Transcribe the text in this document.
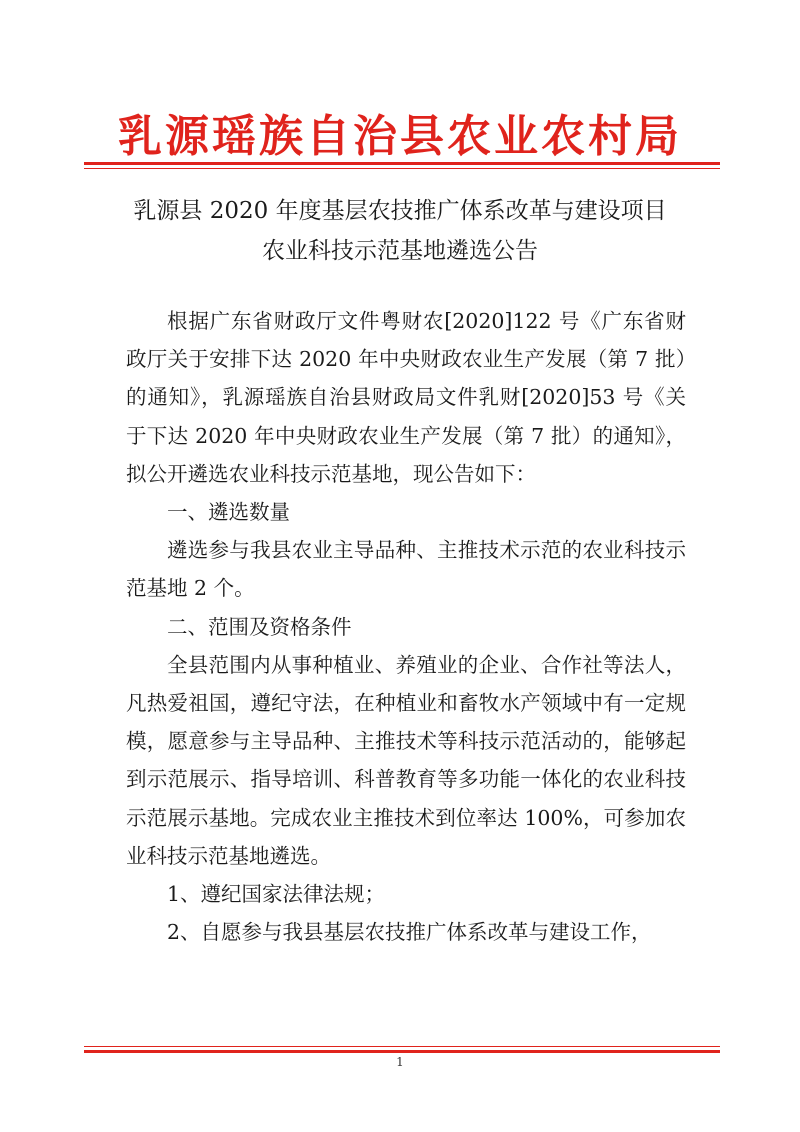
乳源瑶族自治县农业农村局
乳源县 2020 年度基层农技推广体系改革与建设项目
农业科技示范基地遴选公告

根据广东省财政厅文件粤财农[2020]122 号《广东省财政厅关于安排下达 2020 年中央财政农业生产发展（第 7 批）的通知》，乳源瑶族自治县财政局文件乳财[2020]53 号《关于下达 2020 年中央财政农业生产发展（第 7 批）的通知》，拟公开遴选农业科技示范基地，现公告如下：

一、遴选数量

遴选参与我县农业主导品种、主推技术示范的农业科技示范基地 2 个。

二、范围及资格条件

全县范围内从事种植业、养殖业的企业、合作社等法人，凡热爱祖国，遵纪守法，在种植业和畜牧水产领域中有一定规模，愿意参与主导品种、主推技术等科技示范活动的，能够起到示范展示、指导培训、科普教育等多功能一体化的农业科技示范展示基地。完成农业主推技术到位率达 100%，可参加农业科技示范基地遴选。

1、遵纪国家法律法规；

2、自愿参与我县基层农技推广体系改革与建设工作，

1
